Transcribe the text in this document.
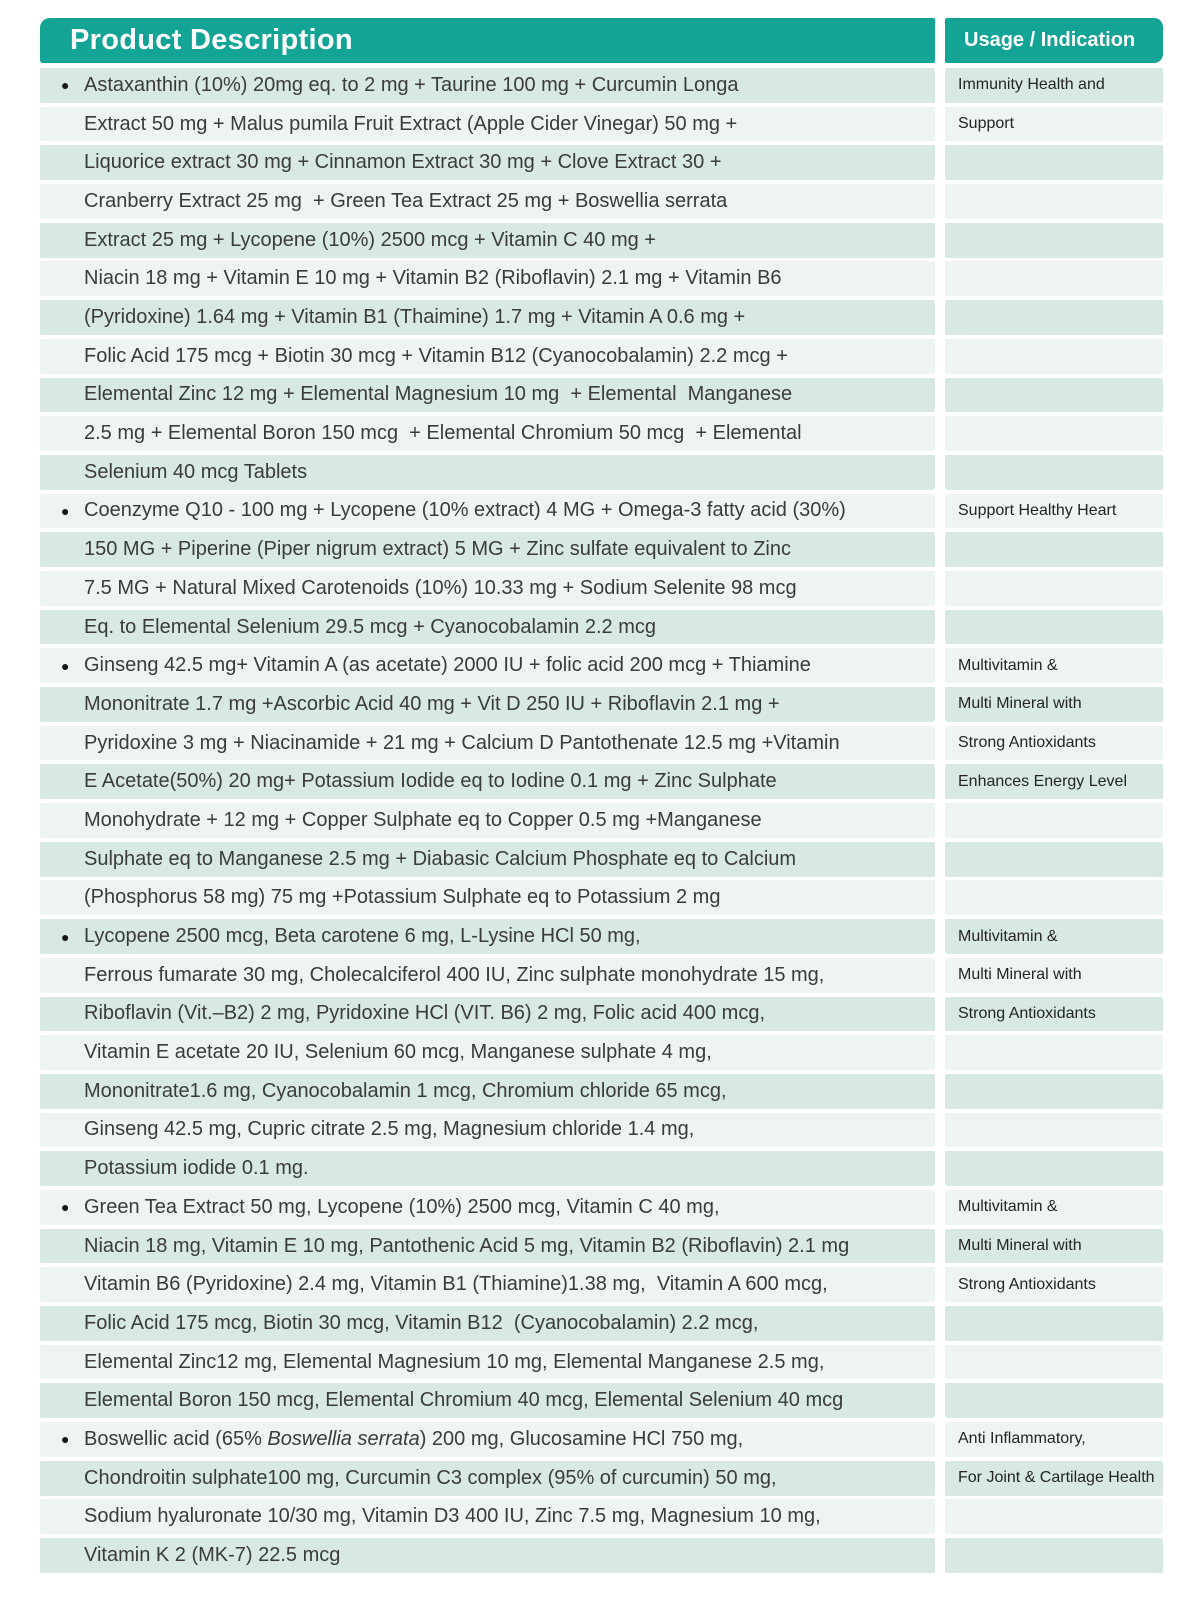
Product Description	Usage / Indication
● Astaxanthin (10%) 20mg eq. to 2 mg + Taurine 100 mg + Curcumin Longa	Immunity Health and
Extract 50 mg + Malus pumila Fruit Extract (Apple Cider Vinegar) 50 mg +	Support
Liquorice extract 30 mg + Cinnamon Extract 30 mg + Clove Extract 30 +
Cranberry Extract 25 mg  + Green Tea Extract 25 mg + Boswellia serrata
Extract 25 mg + Lycopene (10%) 2500 mcg + Vitamin C 40 mg +
Niacin 18 mg + Vitamin E 10 mg + Vitamin B2 (Riboflavin) 2.1 mg + Vitamin B6
(Pyridoxine) 1.64 mg + Vitamin B1 (Thaimine) 1.7 mg + Vitamin A 0.6 mg +
Folic Acid 175 mcg + Biotin 30 mcg + Vitamin B12 (Cyanocobalamin) 2.2 mcg +
Elemental Zinc 12 mg + Elemental Magnesium 10 mg  + Elemental  Manganese
2.5 mg + Elemental Boron 150 mcg  + Elemental Chromium 50 mcg  + Elemental
Selenium 40 mcg Tablets
● Coenzyme Q10 - 100 mg + Lycopene (10% extract) 4 MG + Omega-3 fatty acid (30%)	Support Healthy Heart
150 MG + Piperine (Piper nigrum extract) 5 MG + Zinc sulfate equivalent to Zinc
7.5 MG + Natural Mixed Carotenoids (10%) 10.33 mg + Sodium Selenite 98 mcg
Eq. to Elemental Selenium 29.5 mcg + Cyanocobalamin 2.2 mcg
● Ginseng 42.5 mg+ Vitamin A (as acetate) 2000 IU + folic acid 200 mcg + Thiamine	Multivitamin &
Mononitrate 1.7 mg +Ascorbic Acid 40 mg + Vit D 250 IU + Riboflavin 2.1 mg +	Multi Mineral with
Pyridoxine 3 mg + Niacinamide + 21 mg + Calcium D Pantothenate 12.5 mg +Vitamin	Strong Antioxidants
E Acetate(50%) 20 mg+ Potassium Iodide eq to Iodine 0.1 mg + Zinc Sulphate	Enhances Energy Level
Monohydrate + 12 mg + Copper Sulphate eq to Copper 0.5 mg +Manganese
Sulphate eq to Manganese 2.5 mg + Diabasic Calcium Phosphate eq to Calcium
(Phosphorus 58 mg) 75 mg +Potassium Sulphate eq to Potassium 2 mg
● Lycopene 2500 mcg, Beta carotene 6 mg, L-Lysine HCl 50 mg,	Multivitamin &
Ferrous fumarate 30 mg, Cholecalciferol 400 IU, Zinc sulphate monohydrate 15 mg,	Multi Mineral with
Riboflavin (Vit.–B2) 2 mg, Pyridoxine HCl (VIT. B6) 2 mg, Folic acid 400 mcg,	Strong Antioxidants
Vitamin E acetate 20 IU, Selenium 60 mcg, Manganese sulphate 4 mg,
Mononitrate1.6 mg, Cyanocobalamin 1 mcg, Chromium chloride 65 mcg,
Ginseng 42.5 mg, Cupric citrate 2.5 mg, Magnesium chloride 1.4 mg,
Potassium iodide 0.1 mg.
● Green Tea Extract 50 mg, Lycopene (10%) 2500 mcg, Vitamin C 40 mg,	Multivitamin &
Niacin 18 mg, Vitamin E 10 mg, Pantothenic Acid 5 mg, Vitamin B2 (Riboflavin) 2.1 mg	Multi Mineral with
Vitamin B6 (Pyridoxine) 2.4 mg, Vitamin B1 (Thiamine)1.38 mg,  Vitamin A 600 mcg,	Strong Antioxidants
Folic Acid 175 mcg, Biotin 30 mcg, Vitamin B12  (Cyanocobalamin) 2.2 mcg,
Elemental Zinc12 mg, Elemental Magnesium 10 mg, Elemental Manganese 2.5 mg,
Elemental Boron 150 mcg, Elemental Chromium 40 mcg, Elemental Selenium 40 mcg
● Boswellic acid (65% Boswellia serrata) 200 mg, Glucosamine HCl 750 mg,	Anti Inflammatory,
Chondroitin sulphate100 mg, Curcumin C3 complex (95% of curcumin) 50 mg,	For Joint & Cartilage Health
Sodium hyaluronate 10/30 mg, Vitamin D3 400 IU, Zinc 7.5 mg, Magnesium 10 mg,
Vitamin K 2 (MK-7) 22.5 mcg
